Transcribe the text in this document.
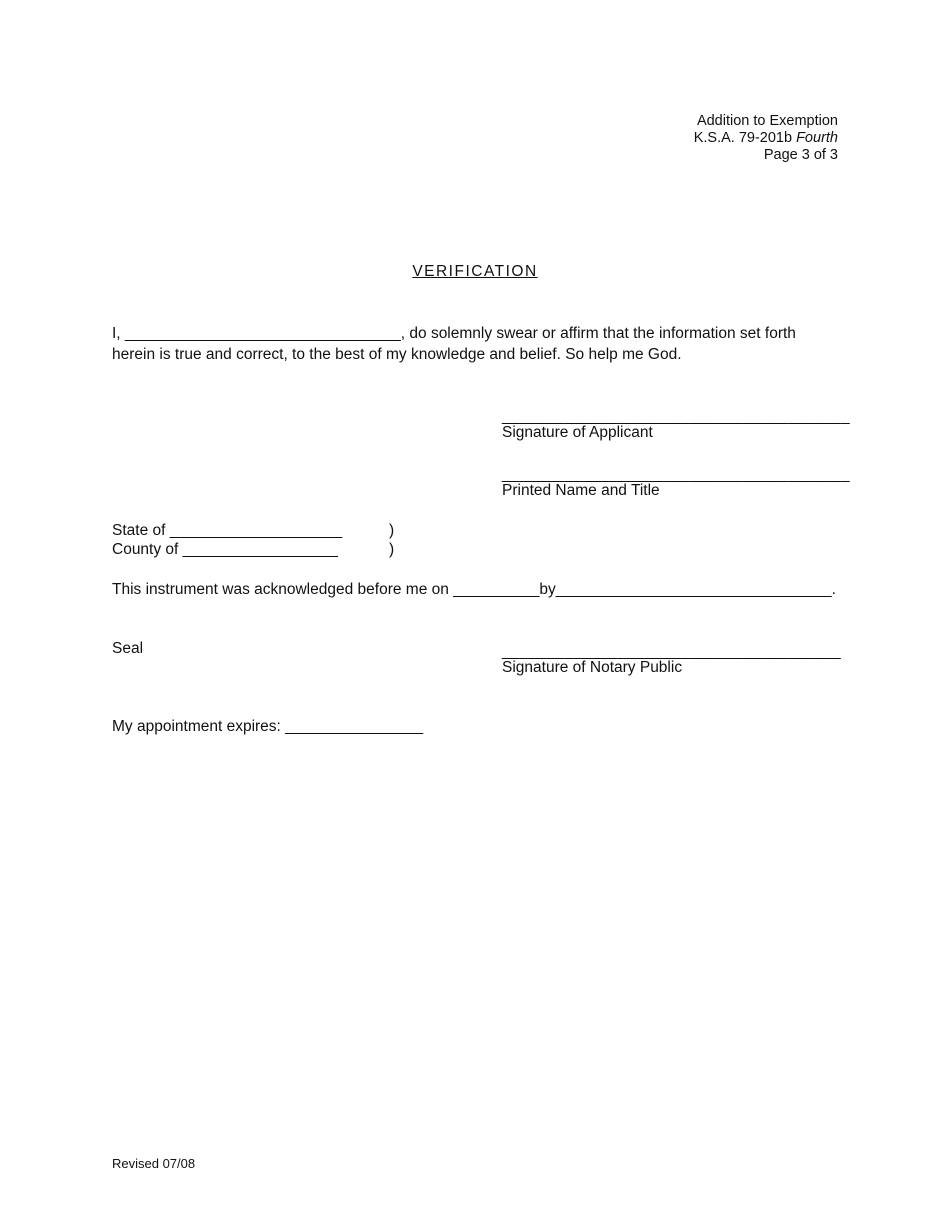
Addition to Exemption
K.S.A. 79-201b Fourth
Page 3 of 3
VERIFICATION
I, ________________________________, do solemnly swear or affirm that the information set forth herein is true and correct, to the best of my knowledge and belief. So help me God.
_______________________________________
Signature of Applicant
_______________________________________
Printed Name and Title
State of ____________________	)
County of __________________	)
This instrument was acknowledged before me on __________by________________________________.
Seal	______________________________________
Signature of Notary Public
My appointment expires: ________________
Revised 07/08
